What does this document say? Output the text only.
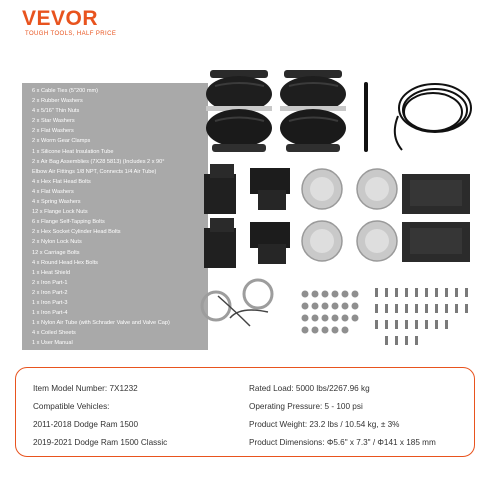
VEVOR
TOUGH TOOLS, HALF PRICE
6 x Cable Ties (5"200 mm)
2 x Rubber Washers
4 x 5/16" Thin Nuts
2 x Star Washers
2 x Flat Washers
2 x Worm Gear Clamps
1 x Silicone Heat Insulation Tube
2 x Air Bag Assemblies (7X28 5813) (Includes 2 x 90°
Elbow Air Fittings 1/8 NPT, Connects 1/4 Air Tube)
4 x Hex Flat Head Bolts
4 x Flat Washers
4 x Spring Washers
12 x Flange Lock Nuts
6 x Flange Self-Tapping Bolts
2 x Hex Socket Cylinder Head Bolts
2 x Nylon Lock Nuts
12 x Carriage Bolts
4 x Round Head Hex Bolts
1 x Heat Shield
2 x Iron Part-1
2 x Iron Part-2
1 x Iron Part-3
1 x Iron Part-4
1 x Nylon Air Tube (with Schrader Valve and Valve Cap)
4 x Coiled Sheets
1 x User Manual
Item Model Number: 7X1232
Compatible Vehicles:
2011-2018 Dodge Ram 1500
2019-2021 Dodge Ram 1500 Classic
Rated Load: 5000 lbs/2267.96 kg
Operating Pressure: 5 - 100 psi
Product Weight: 23.2 lbs / 10.54 kg, ± 3%
Product Dimensions: Φ5.6" x 7.3" / Φ141 x 185 mm
